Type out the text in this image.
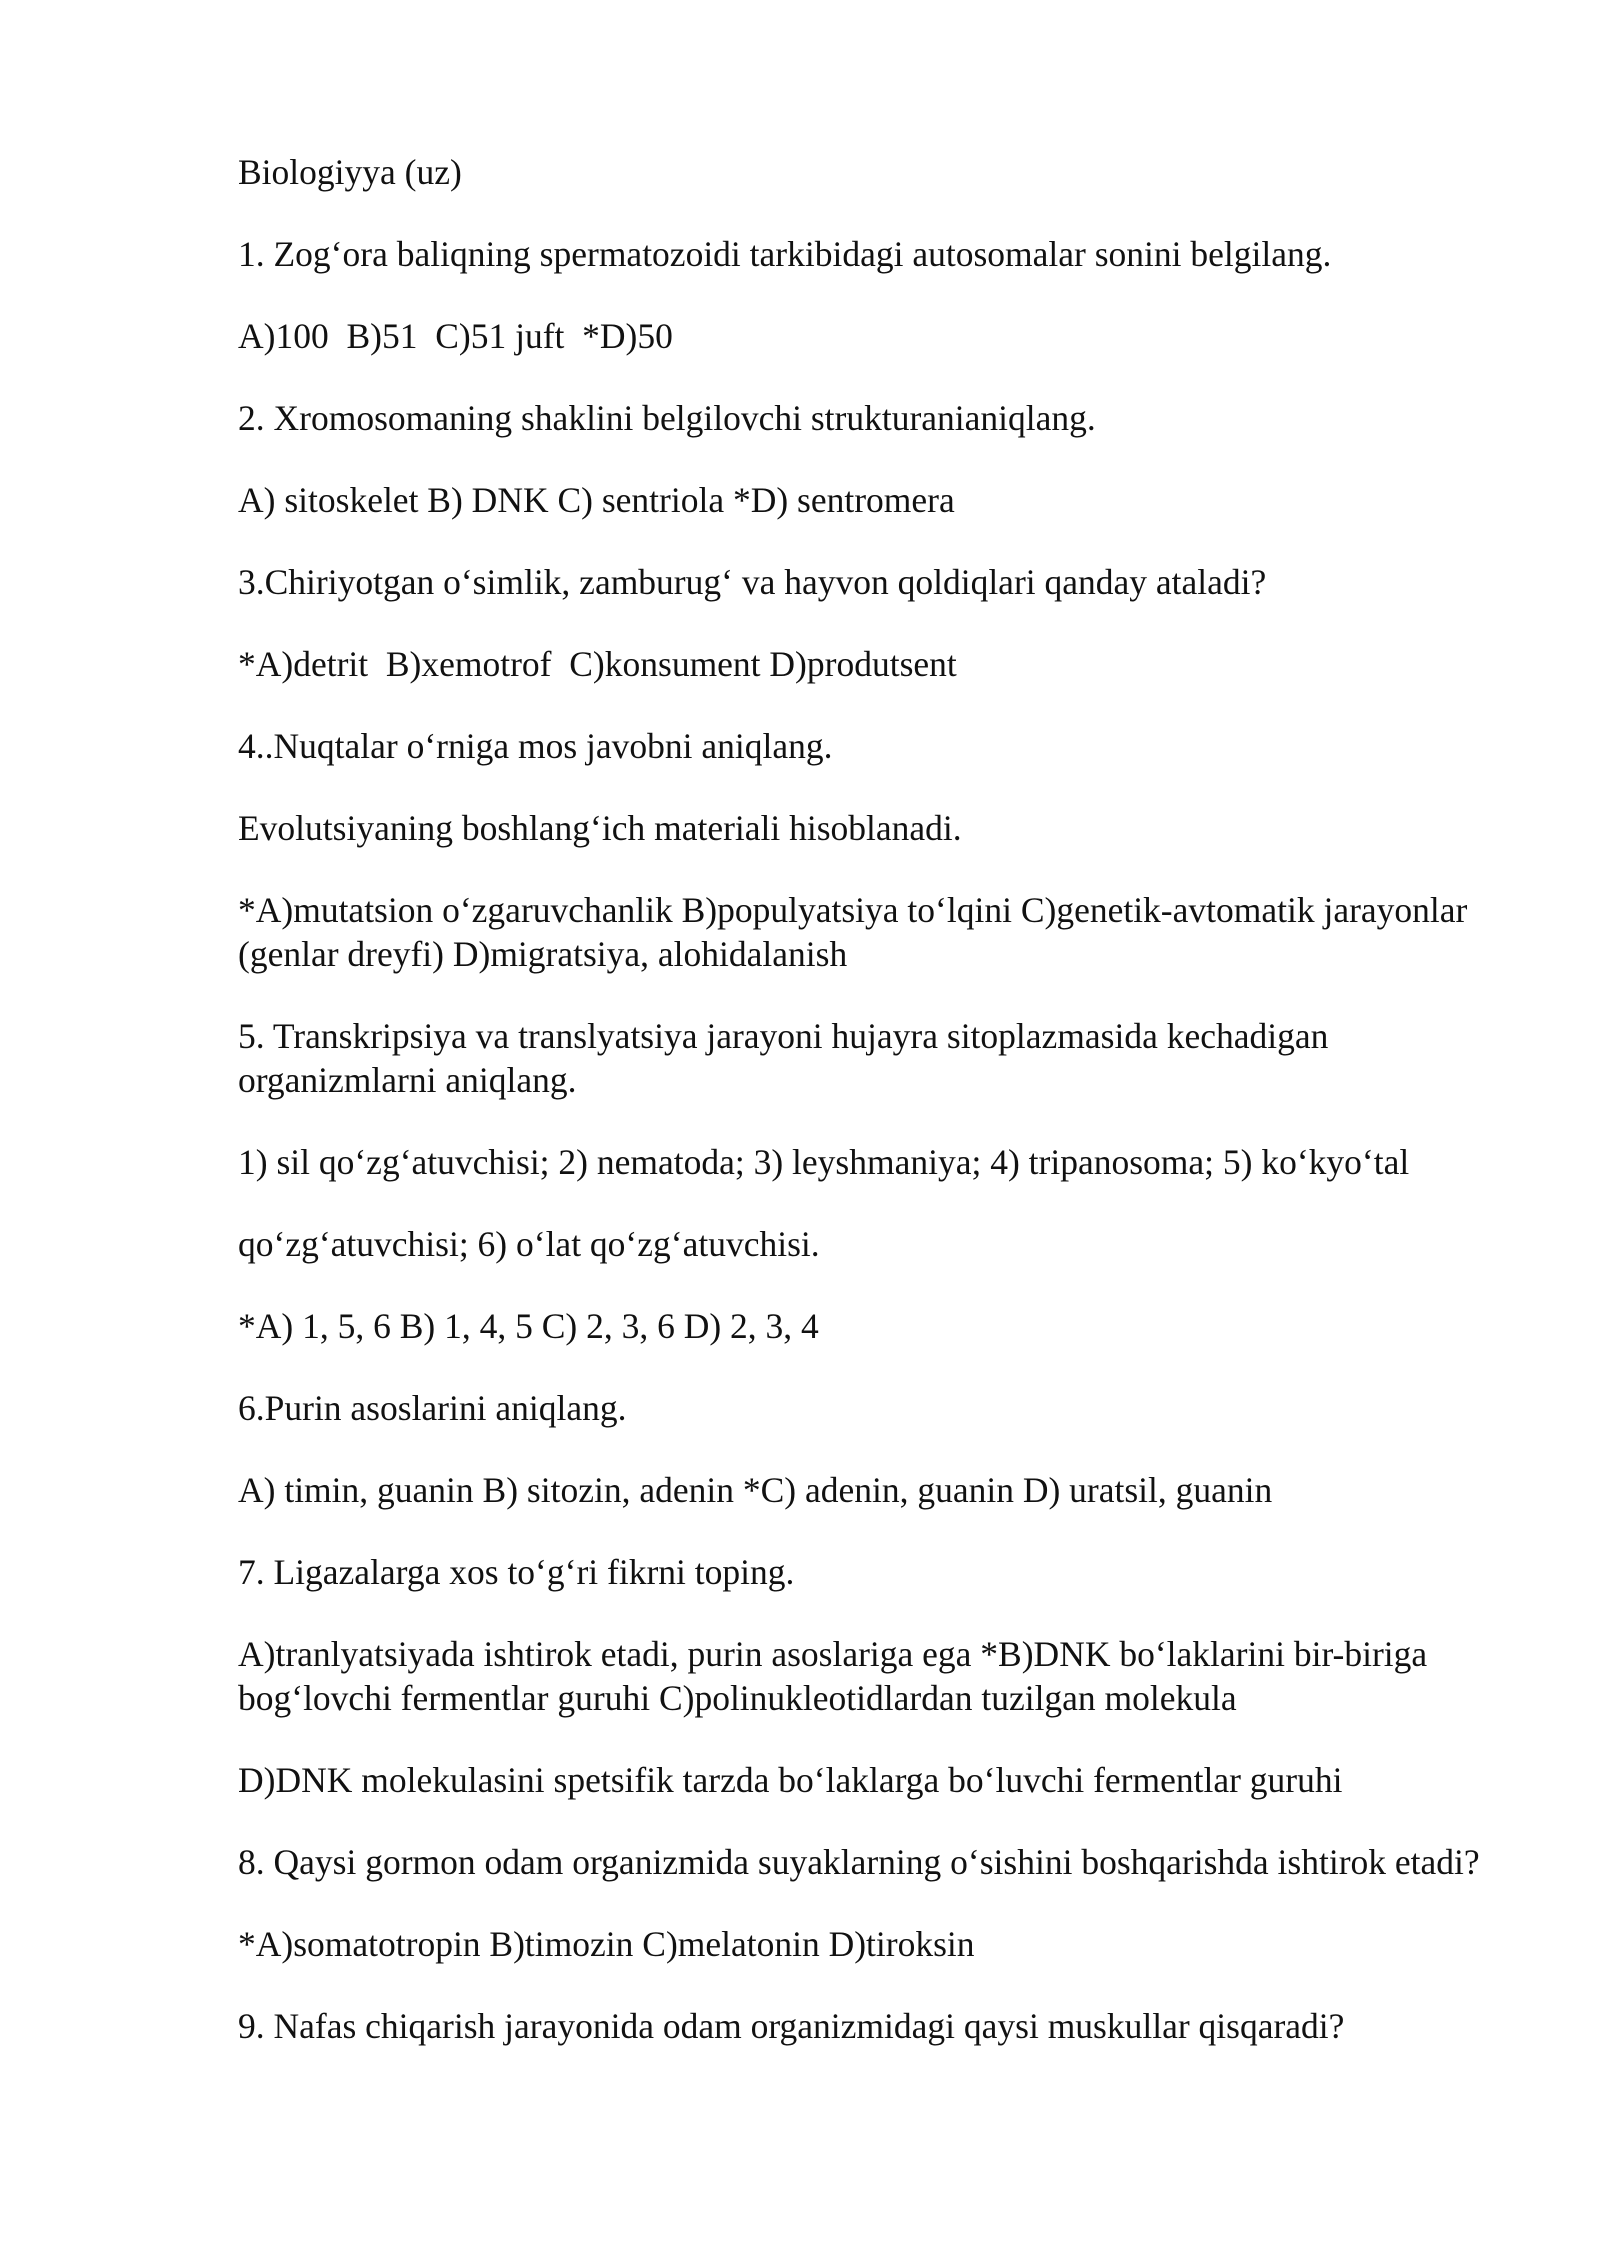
Biologiyya (uz)

1. Zog‘ora baliqning spermatozoidi tarkibidagi autosomalar sonini belgilang.

A)100  B)51  C)51 juft  *D)50

2. Xromosomaning shaklini belgilovchi strukturanianiqlang.

A) sitoskelet B) DNK C) sentriola *D) sentromera

3.Chiriyotgan o‘simlik, zamburug‘ va hayvon qoldiqlari qanday ataladi?

*A)detrit  B)xemotrof  C)konsument D)produtsent

4..Nuqtalar o‘rniga mos javobni aniqlang.

Evolutsiyaning boshlang‘ich materiali hisoblanadi.

*A)mutatsion o‘zgaruvchanlik B)populyatsiya to‘lqini C)genetik-avtomatik jarayonlar (genlar dreyfi) D)migratsiya, alohidalanish

5. Transkripsiya va translyatsiya jarayoni hujayra sitoplazmasida kechadigan organizmlarni aniqlang.

1) sil qo‘zg‘atuvchisi; 2) nematoda; 3) leyshmaniya; 4) tripanosoma; 5) ko‘kyo‘tal

qo‘zg‘atuvchisi; 6) o‘lat qo‘zg‘atuvchisi.

*A) 1, 5, 6 B) 1, 4, 5 C) 2, 3, 6 D) 2, 3, 4

6.Purin asoslarini aniqlang.

A) timin, guanin B) sitozin, adenin *C) adenin, guanin D) uratsil, guanin

7. Ligazalarga xos to‘g‘ri fikrni toping.

A)tranlyatsiyada ishtirok etadi, purin asoslariga ega *B)DNK bo‘laklarini bir-biriga bog‘lovchi fermentlar guruhi C)polinukleotidlardan tuzilgan molekula

D)DNK molekulasini spetsifik tarzda bo‘laklarga bo‘luvchi fermentlar guruhi

8. Qaysi gormon odam organizmida suyaklarning o‘sishini boshqarishda ishtirok etadi?

*A)somatotropin B)timozin C)melatonin D)tiroksin

9. Nafas chiqarish jarayonida odam organizmidagi qaysi muskullar qisqaradi?
